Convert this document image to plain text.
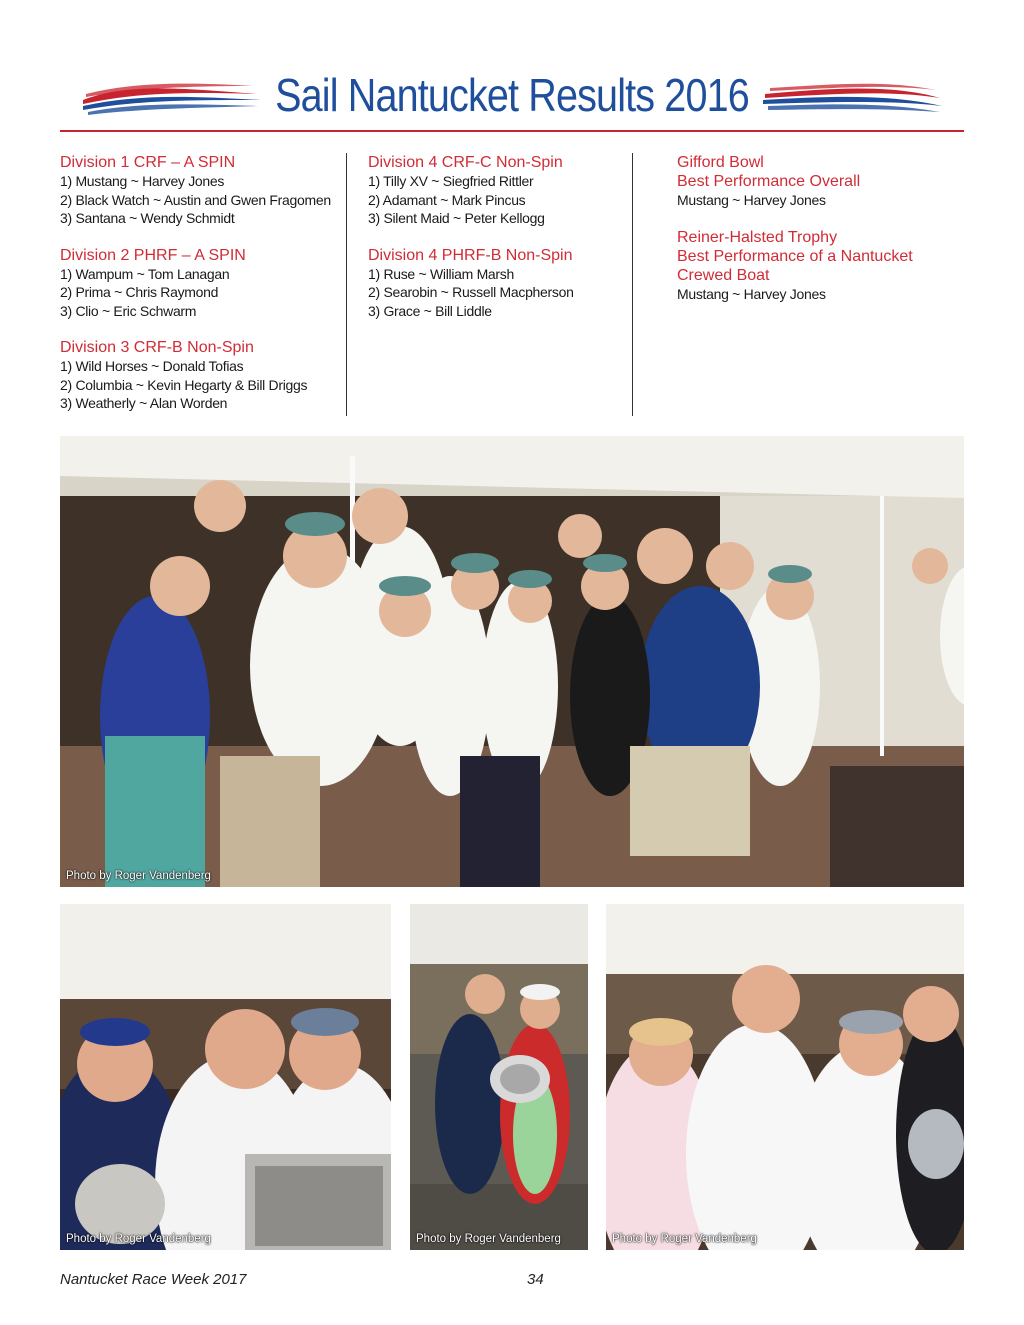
Sail Nantucket Results 2016

Division 1 CRF – A SPIN

1) Mustang ~ Harvey Jones

2) Black Watch ~ Austin and Gwen Fragomen

3) Santana ~ Wendy Schmidt

Division 2 PHRF – A SPIN

1) Wampum ~ Tom Lanagan

2) Prima ~ Chris Raymond

3) Clio ~ Eric Schwarm

Division 3 CRF-B Non-Spin

1) Wild Horses ~ Donald Tofias

2) Columbia ~ Kevin Hegarty & Bill Driggs

3) Weatherly ~ Alan Worden

Division 4 CRF-C Non-Spin

1) Tilly XV ~ Siegfried Rittler

2) Adamant ~ Mark Pincus

3) Silent Maid ~ Peter Kellogg

Division 4 PHRF-B Non-Spin

1) Ruse ~ William Marsh

2) Searobin ~ Russell Macpherson

3) Grace ~ Bill Liddle

Gifford Bowl

Best Performance Overall

Mustang ~ Harvey Jones

Reiner-Halsted Trophy

Best Performance of a Nantucket

Crewed Boat

Mustang ~ Harvey Jones

Photo by Roger Vandenberg
Photo by Roger Vandenberg	Photo by Roger Vandenberg	Photo by Roger Vandenberg
Nantucket Race Week 2017	34
